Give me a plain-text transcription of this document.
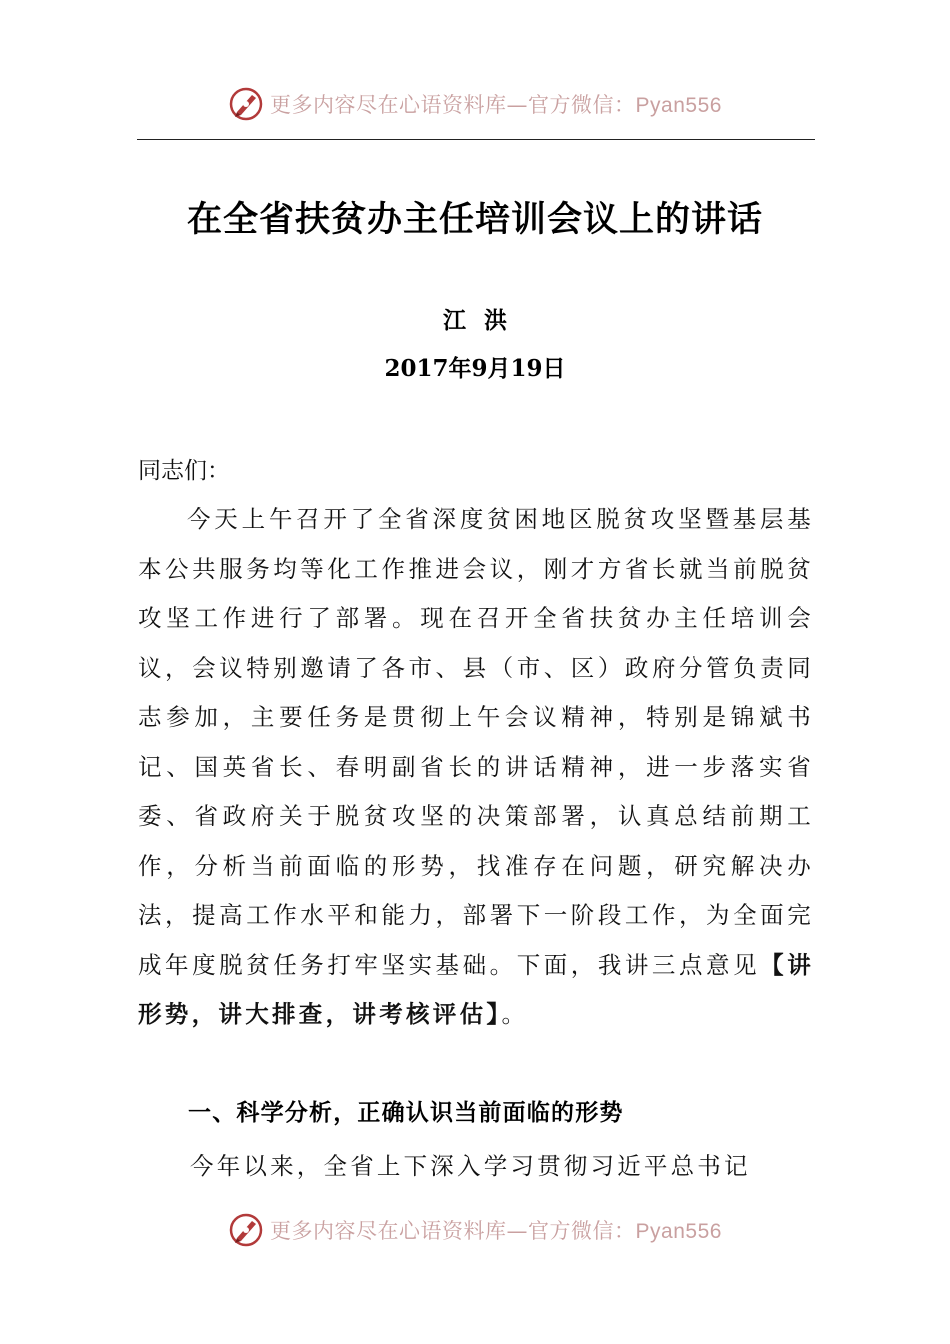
更多内容尽在心语资料库—官方微信：Pyan556
在全省扶贫办主任培训会议上的讲话
江洪
2017年9月19日
同志们：
今天上午召开了全省深度贫困地区脱贫攻坚暨基层基本公共服务均等化工作推进会议，刚才方省长就当前脱贫攻坚工作进行了部署。现在召开全省扶贫办主任培训会议，会议特别邀请了各市、县（市、区）政府分管负责同志参加，主要任务是贯彻上午会议精神，特别是锦斌书记、国英省长、春明副省长的讲话精神，进一步落实省委、省政府关于脱贫攻坚的决策部署，认真总结前期工作，分析当前面临的形势，找准存在问题，研究解决办法，提高工作水平和能力，部署下一阶段工作，为全面完成年度脱贫任务打牢坚实基础。下面，我讲三点意见【讲形势，讲大排查，讲考核评估】。
一、科学分析，正确认识当前面临的形势
今年以来，全省上下深入学习贯彻习近平总书记
更多内容尽在心语资料库—官方微信：Pyan556
